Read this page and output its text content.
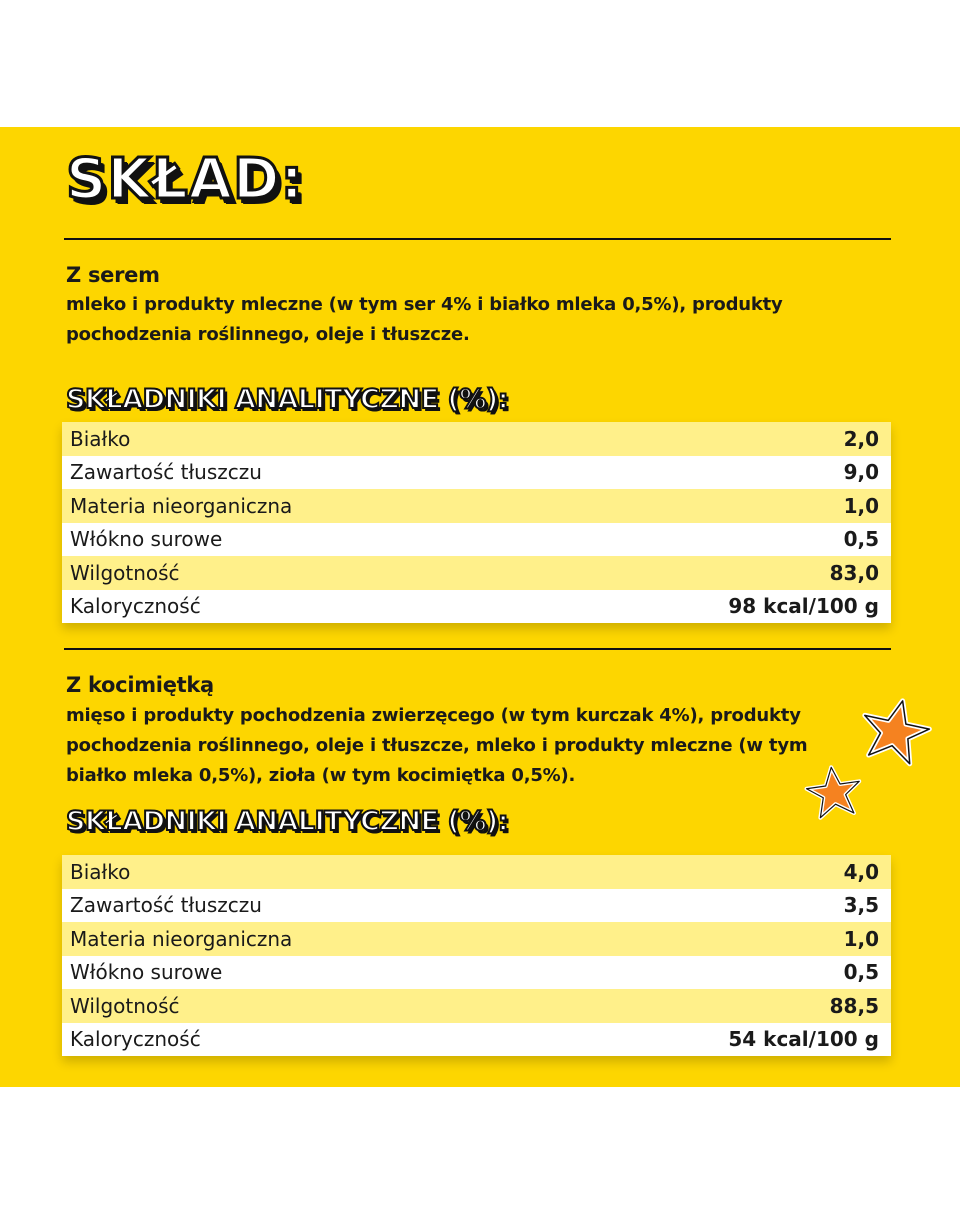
SKŁAD:
Z serem
mleko i produkty mleczne (w tym ser 4% i białko mleka 0,5%), produkty pochodzenia roślinnego, oleje i tłuszcze.
SKŁADNIKI ANALITYCZNE (%):
Białko	2,0
Zawartość tłuszczu	9,0
Materia nieorganiczna	1,0
Włókno surowe	0,5
Wilgotność	83,0
Kaloryczność	98 kcal/100 g
Z kocimiętką
mięso i produkty pochodzenia zwierzęcego (w tym kurczak 4%), produkty pochodzenia roślinnego, oleje i tłuszcze, mleko i produkty mleczne (w tym białko mleka 0,5%), zioła (w tym kocimiętka 0,5%).
SKŁADNIKI ANALITYCZNE (%):
Białko	4,0
Zawartość tłuszczu	3,5
Materia nieorganiczna	1,0
Włókno surowe	0,5
Wilgotność	88,5
Kaloryczność	54 kcal/100 g
